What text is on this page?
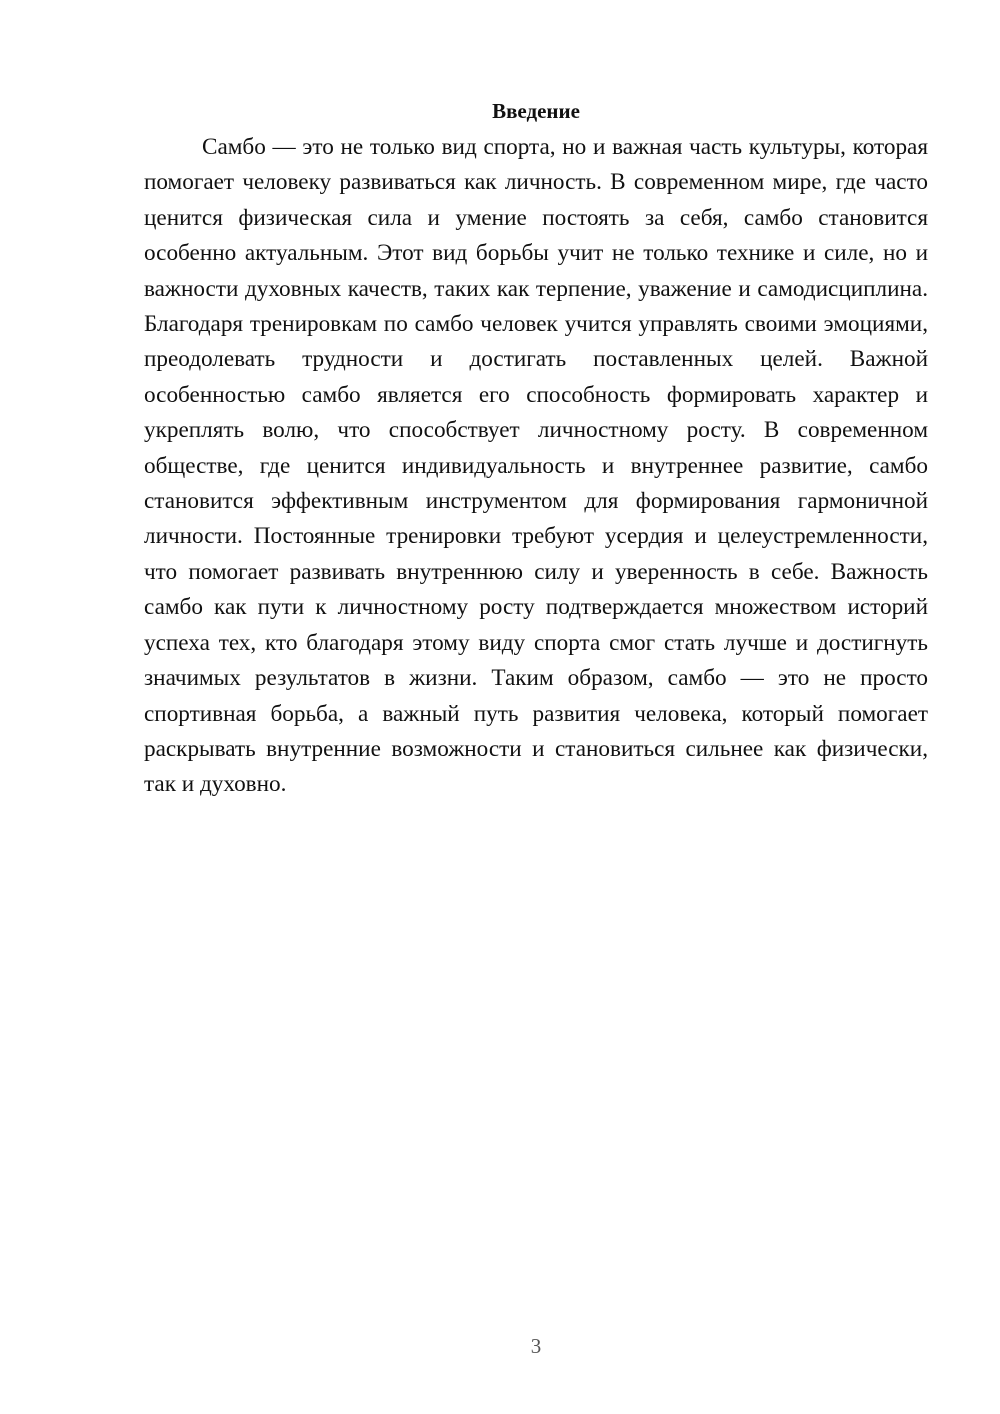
Введение

Самбо — это не только вид спорта, но и важная часть культуры, которая помогает человеку развиваться как личность. В современном мире, где часто ценится физическая сила и умение постоять за себя, самбо становится особенно актуальным. Этот вид борьбы учит не только технике и силе, но и важности духовных качеств, таких как терпение, уважение и самодисциплина. Благодаря тренировкам по самбо человек учится управлять своими эмоциями, преодолевать трудности и достигать поставленных целей. Важной особенностью самбо является его способность формировать характер и укреплять волю, что способствует личностному росту. В современном обществе, где ценится индивидуальность и внутреннее развитие, самбо становится эффективным инструментом для формирования гармоничной личности. Постоянные тренировки требуют усердия и целеустремленности, что помогает развивать внутреннюю силу и уверенность в себе. Важность самбо как пути к личностному росту подтверждается множеством историй успеха тех, кто благодаря этому виду спорта смог стать лучше и достигнуть значимых результатов в жизни. Таким образом, самбо — это не просто спортивная борьба, а важный путь развития человека, который помогает раскрывать внутренние возможности и становиться сильнее как физически, так и духовно.

3
